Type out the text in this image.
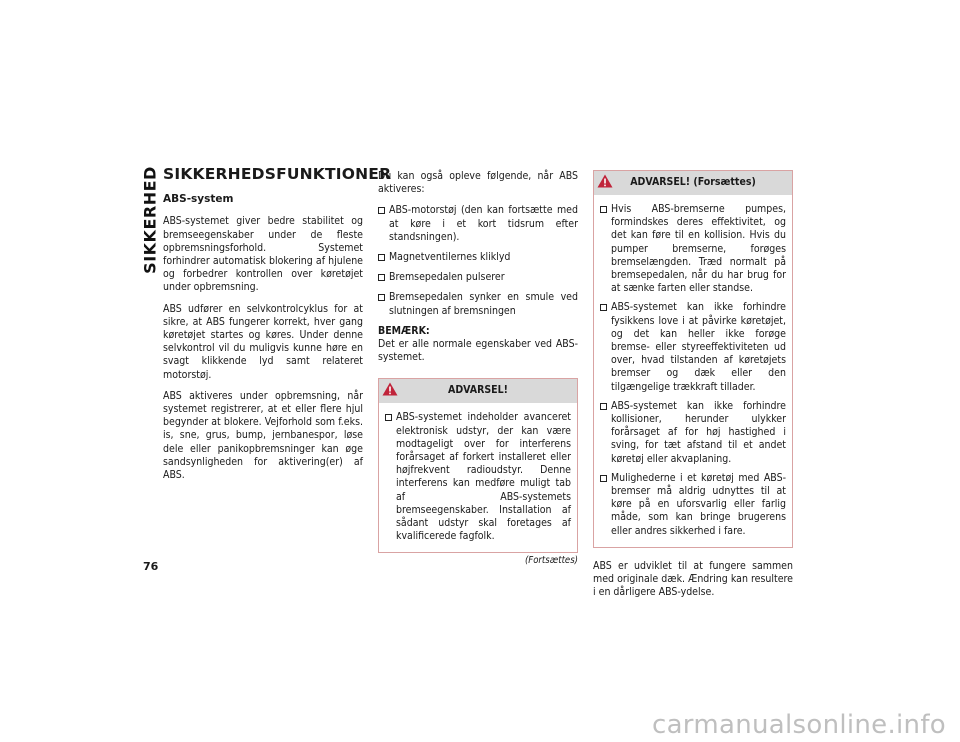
SIKKERHED
76
SIKKERHEDSFUNKTIONER
ABS-system

ABS-systemet giver bedre stabilitet og bremseegenskaber under de fleste opbremsningsforhold. Systemet forhindrer automatisk blokering af hjulene og forbedrer kontrollen over køretøjet under opbremsning.

ABS udfører en selvkontrolcyklus for at sikre, at ABS fungerer korrekt, hver gang køretøjet startes og køres. Under denne selvkontrol vil du muligvis kunne høre en svagt klikkende lyd samt relateret motorstøj.

ABS aktiveres under opbremsning, når systemet registrerer, at et eller flere hjul begynder at blokere. Vejforhold som f.eks. is, sne, grus, bump, jernbanespor, løse dele eller panikopbremsninger kan øge sandsynligheden for aktivering(er) af ABS.

Du kan også opleve følgende, når ABS aktiveres:

ABS-motorstøj (den kan fortsætte med at køre i et kort tidsrum efter standsningen).
Magnetventilernes kliklyd
Bremsepedalen pulserer
Bremsepedalen synker en smule ved slutningen af bremsningen

BEMÆRK:
Det er alle normale egenskaber ved ABS-systemet.

ADVARSEL!
ABS-systemet indeholder avanceret elektronisk udstyr, der kan være modtageligt over for interferens forårsaget af forkert installeret eller højfrekvent radioudstyr. Denne interferens kan medføre muligt tab af ABS-systemets bremseegenskaber. Installation af sådant udstyr skal foretages af kvalificerede fagfolk.
(Fortsættes)
ADVARSEL! (Forsættes)
Hvis ABS-bremserne pumpes, formindskes deres effektivitet, og det kan føre til en kollision. Hvis du pumper bremserne, forøges bremselængden. Træd normalt på bremsepedalen, når du har brug for at sænke farten eller standse.
ABS-systemet kan ikke forhindre fysikkens love i at påvirke køretøjet, og det kan heller ikke forøge bremse- eller styreeffektiviteten ud over, hvad tilstanden af køretøjets bremser og dæk eller den tilgængelige trækkraft tillader.
ABS-systemet kan ikke forhindre kollisioner, herunder ulykker forårsaget af for høj hastighed i sving, for tæt afstand til et andet køretøj eller akvaplaning.
Mulighederne i et køretøj med ABS-bremser må aldrig udnyttes til at køre på en uforsvarlig eller farlig måde, som kan bringe brugerens eller andres sikkerhed i fare.

ABS er udviklet til at fungere sammen med originale dæk. Ændring kan resultere i en dårligere ABS-ydelse.

carmanualsonline.info
